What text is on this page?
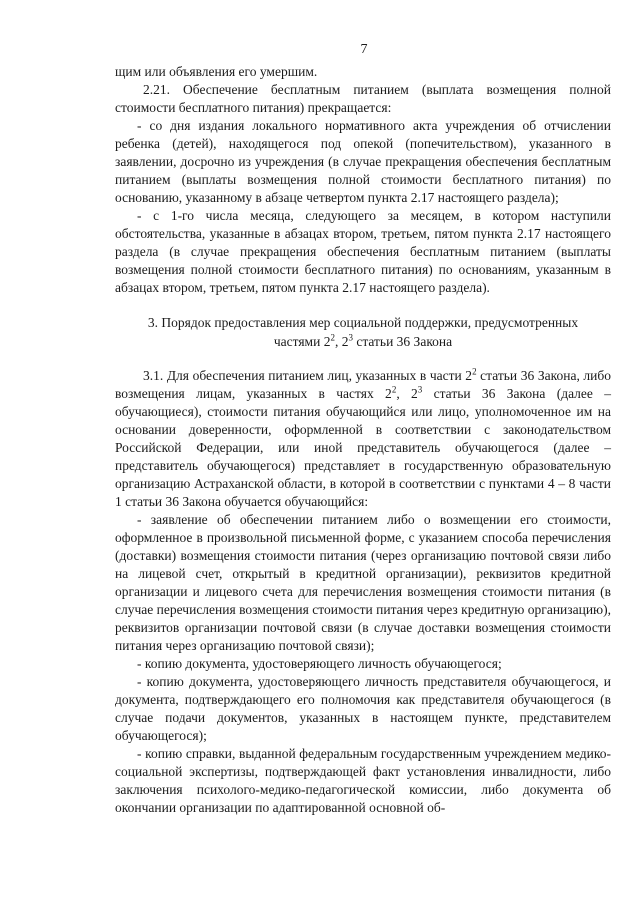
7

щим или объявления его умершим.

2.21. Обеспечение бесплатным питанием (выплата возмещения полной стоимости бесплатного питания) прекращается:

- со дня издания локального нормативного акта учреждения об отчислении ребенка (детей), находящегося под опекой (попечительством), указанного в заявлении, досрочно из учреждения (в случае прекращения обеспечения бесплатным питанием (выплаты возмещения полной стоимости бесплатного питания) по основанию, указанному в абзаце четвертом пункта 2.17 настоящего раздела);

- с 1-го числа месяца, следующего за месяцем, в котором наступили обстоятельства, указанные в абзацах втором, третьем, пятом пункта 2.17 настоящего раздела (в случае прекращения обеспечения бесплатным питанием (выплаты возмещения полной стоимости бесплатного питания) по основаниям, указанным в абзацах втором, третьем, пятом пункта 2.17 настоящего раздела).

3. Порядок предоставления мер социальной поддержки, предусмотренных частями $2^2$, $2^3$ статьи 36 Закона

3.1. Для обеспечения питанием лиц, указанных в части $2^2$ статьи 36 Закона, либо возмещения лицам, указанных в частях $2^2$, $2^3$ статьи 36 Закона (далее – обучающиеся), стоимости питания обучающийся или лицо, уполномоченное им на основании доверенности, оформленной в соответствии с законодательством Российской Федерации, или иной представитель обучающегося (далее – представитель обучающегося) представляет в государственную образовательную организацию Астраханской области, в которой в соответствии с пунктами 4 – 8 части 1 статьи 36 Закона обучается обучающийся:

- заявление об обеспечении питанием либо о возмещении его стоимости, оформленное в произвольной письменной форме, с указанием способа перечисления (доставки) возмещения стоимости питания (через организацию почтовой связи либо на лицевой счет, открытый в кредитной организации), реквизитов кредитной организации и лицевого счета для перечисления возмещения стоимости питания (в случае перечисления возмещения стоимости питания через кредитную организацию), реквизитов организации почтовой связи (в случае доставки возмещения стоимости питания через организацию почтовой связи);

- копию документа, удостоверяющего личность обучающегося;

- копию документа, удостоверяющего личность представителя обучающегося, и документа, подтверждающего его полномочия как представителя обучающегося (в случае подачи документов, указанных в настоящем пункте, представителем обучающегося);

- копию справки, выданной федеральным государственным учреждением медико-социальной экспертизы, подтверждающей факт установления инвалидности, либо заключения психолого-медико-педагогической комиссии, либо документа об окончании организации по адаптированной основной об-
